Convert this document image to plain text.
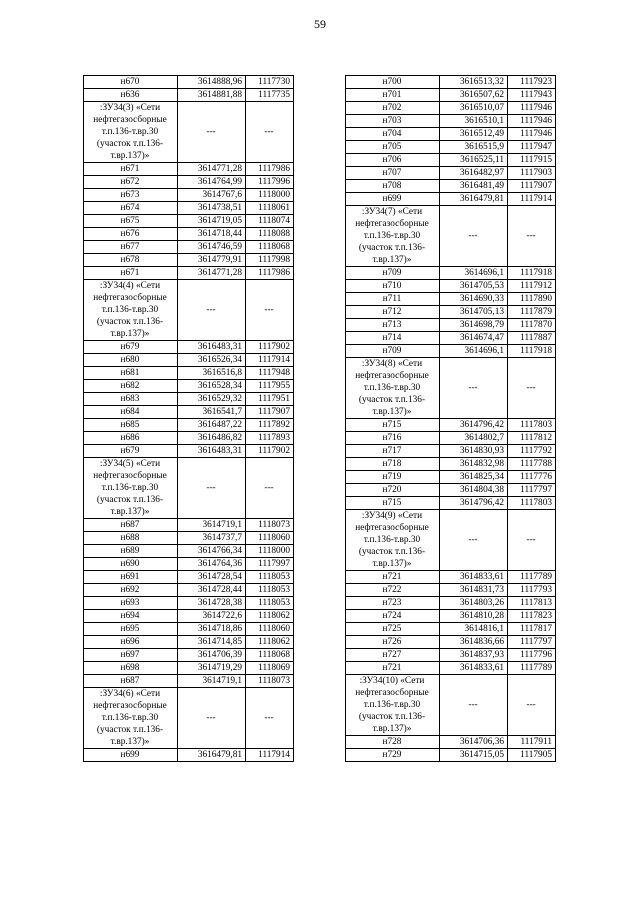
59
н670	3614888,96	1117730
н636	3614881,88	1117735

:ЗУ34(3) «Сети
нефтегазосборные
т.п.136-т.вр.30
(участок т.п.136-
т.вр.137)»	---	---
н671	3614771,28	1117986
н672	3614764,99	1117996
н673	3614767,6	1118000
н674	3614738,51	1118061
н675	3614719,05	1118074
н676	3614718,44	1118088
н677	3614746,59	1118068
н678	3614779,91	1117998
н671	3614771,28	1117986

:ЗУ34(4) «Сети
нефтегазосборные
т.п.136-т.вр.30
(участок т.п.136-
т.вр.137)»	---	---
н679	3616483,31	1117902
н680	3616526,34	1117914
н681	3616516,8	1117948
н682	3616528,34	1117955
н683	3616529,32	1117951
н684	3616541,7	1117907
н685	3616487,22	1117892
н686	3616486,82	1117893
н679	3616483,31	1117902

:ЗУ34(5) «Сети
нефтегазосборные
т.п.136-т.вр.30
(участок т.п.136-
т.вр.137)»	---	---
н687	3614719,1	1118073
н688	3614737,7	1118060
н689	3614766,34	1118000
н690	3614764,36	1117997
н691	3614728,54	1118053
н692	3614728,44	1118053
н693	3614728,38	1118053
н694	3614722,6	1118062
н695	3614718,86	1118060
н696	3614714,85	1118062
н697	3614706,39	1118068
н698	3614719,29	1118069
н687	3614719,1	1118073

:ЗУ34(6) «Сети
нефтегазосборные
т.п.136-т.вр.30
(участок т.п.136-
т.вр.137)»	---	---
н699	3616479,81	1117914
н700	3616513,32	1117923
н701	3616507,62	1117943
н702	3616510,07	1117946
н703	3616510,1	1117946
н704	3616512,49	1117946
н705	3616515,9	1117947
н706	3616525,11	1117915
н707	3616482,97	1117903
н708	3616481,49	1117907
н699	3616479,81	1117914

:ЗУ34(7) «Сети
нефтегазосборные
т.п.136-т.вр.30
(участок т.п.136-
т.вр.137)»	---	---
н709	3614696,1	1117918
н710	3614705,53	1117912
н711	3614690,33	1117890
н712	3614705,13	1117879
н713	3614698,79	1117870
н714	3614674,47	1117887
н709	3614696,1	1117918

:ЗУ34(8) «Сети
нефтегазосборные
т.п.136-т.вр.30
(участок т.п.136-
т.вр.137)»	---	---
н715	3614796,42	1117803
н716	3614802,7	1117812
н717	3614830,93	1117792
н718	3614832,98	1117788
н719	3614825,34	1117776
н720	3614804,38	1117797
н715	3614796,42	1117803

:ЗУ34(9) «Сети
нефтегазосборные
т.п.136-т.вр.30
(участок т.п.136-
т.вр.137)»	---	---
н721	3614833,61	1117789
н722	3614831,73	1117793
н723	3614803,26	1117813
н724	3614810,28	1117823
н725	3614816,1	1117817
н726	3614836,66	1117797
н727	3614837,93	1117796
н721	3614833,61	1117789

:ЗУ34(10) «Сети
нефтегазосборные
т.п.136-т.вр.30
(участок т.п.136-
т.вр.137)»	---	---
н728	3614706,36	1117911
н729	3614715,05	1117905
